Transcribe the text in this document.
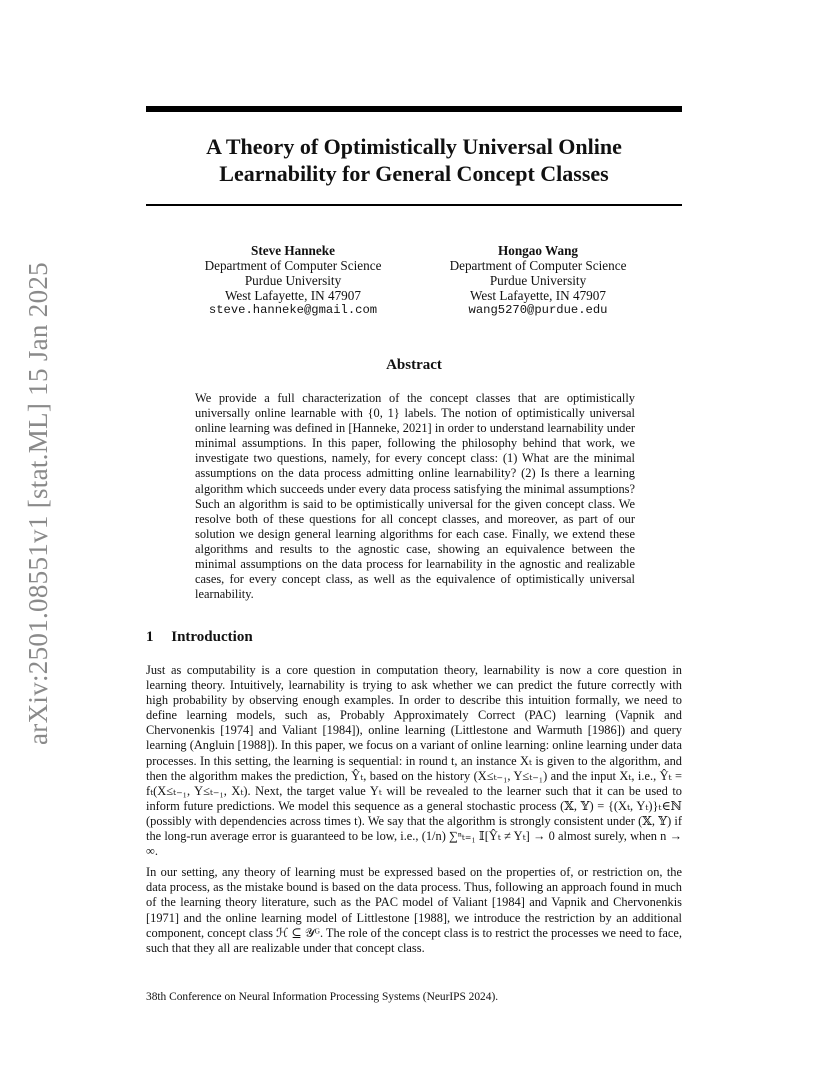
arXiv:2501.08551v1 [stat.ML] 15 Jan 2025
A Theory of Optimistically Universal Online
Learnability for General Concept Classes
Steve Hanneke
Department of Computer Science
Purdue University
West Lafayette, IN 47907
steve.hanneke@gmail.com
Hongao Wang
Department of Computer Science
Purdue University
West Lafayette, IN 47907
wang5270@purdue.edu
Abstract

We provide a full characterization of the concept classes that are optimistically universally online learnable with {0, 1} labels. The notion of optimistically universal online learning was defined in [Hanneke, 2021] in order to understand learnability under minimal assumptions. In this paper, following the philosophy behind that work, we investigate two questions, namely, for every concept class: (1) What are the minimal assumptions on the data process admitting online learnability? (2) Is there a learning algorithm which succeeds under every data process satisfying the minimal assumptions? Such an algorithm is said to be optimistically universal for the given concept class. We resolve both of these questions for all concept classes, and moreover, as part of our solution we design general learning algorithms for each case. Finally, we extend these algorithms and results to the agnostic case, showing an equivalence between the minimal assumptions on the data process for learnability in the agnostic and realizable cases, for every concept class, as well as the equivalence of optimistically universal learnability.

1 Introduction

Just as computability is a core question in computation theory, learnability is now a core question in learning theory. Intuitively, learnability is trying to ask whether we can predict the future correctly with high probability by observing enough examples. In order to describe this intuition formally, we need to define learning models, such as, Probably Approximately Correct (PAC) learning (Vapnik and Chervonenkis [1974] and Valiant [1984]), online learning (Littlestone and Warmuth [1986]) and query learning (Angluin [1988]). In this paper, we focus on a variant of online learning: online learning under data processes. In this setting, the learning is sequential: in round t, an instance Xₜ is given to the algorithm, and then the algorithm makes the prediction, Ŷₜ, based on the history (X≤ₜ₋₁, Y≤ₜ₋₁) and the input Xₜ, i.e., Ŷₜ = fₜ(X≤ₜ₋₁, Y≤ₜ₋₁, Xₜ). Next, the target value Yₜ will be revealed to the learner such that it can be used to inform future predictions. We model this sequence as a general stochastic process (𝕏, 𝕐) = {(Xₜ, Yₜ)}ₜ∈ℕ (possibly with dependencies across times t). We say that the algorithm is strongly consistent under (𝕏, 𝕐) if the long-run average error is guaranteed to be low, i.e., (1/n) ∑ⁿₜ₌₁ 𝕀[Ŷₜ ≠ Yₜ] → 0 almost surely, when n → ∞.

In our setting, any theory of learning must be expressed based on the properties of, or restriction on, the data process, as the mistake bound is based on the data process. Thus, following an approach found in much of the learning theory literature, such as the PAC model of Valiant [1984] and Vapnik and Chervonenkis [1971] and the online learning model of Littlestone [1988], we introduce the restriction by an additional component, concept class ℋ ⊆ 𝒴ᴳ. The role of the concept class is to restrict the processes we need to face, such that they all are realizable under that concept class.

38th Conference on Neural Information Processing Systems (NeurIPS 2024).
